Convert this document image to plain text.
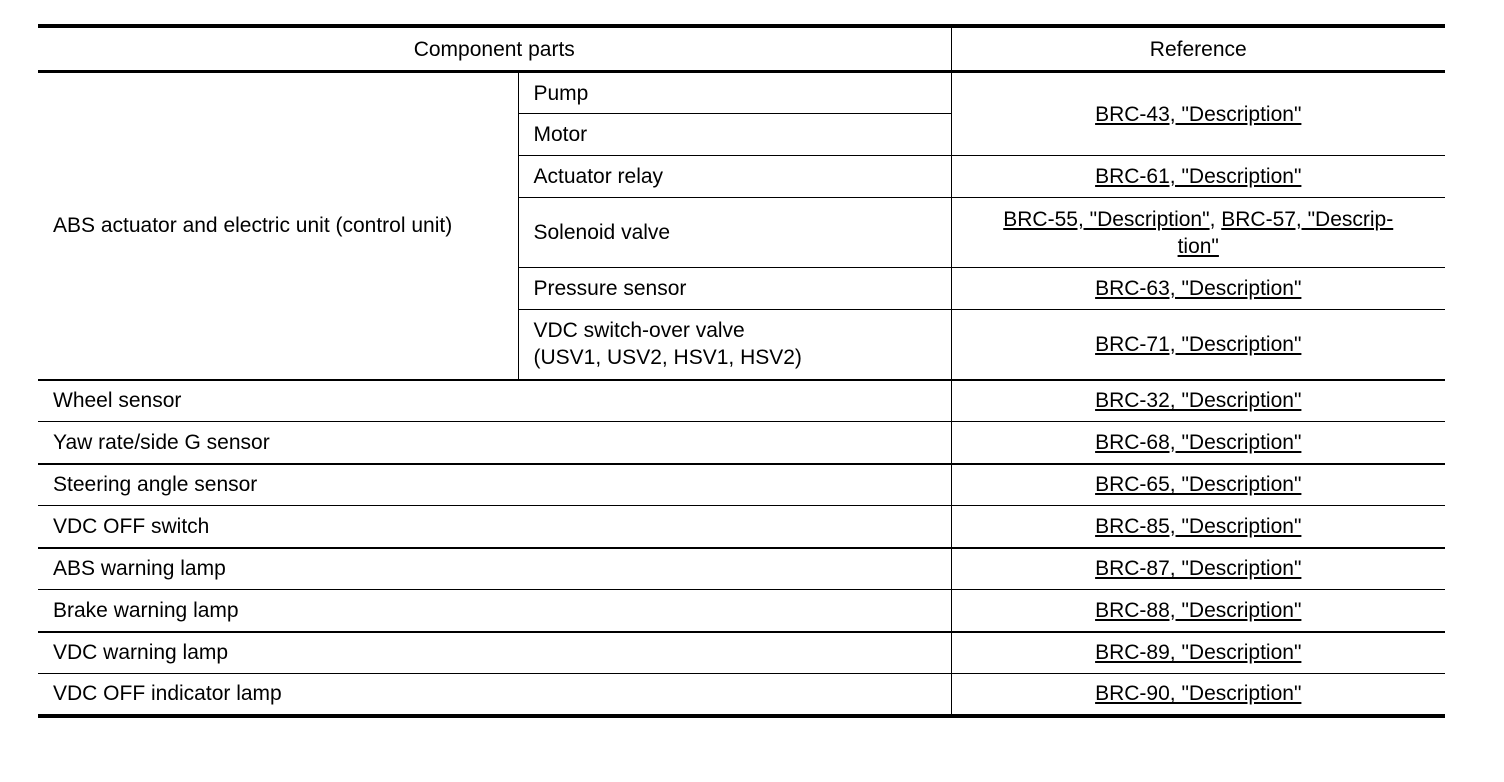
Component parts		Reference
ABS actuator and electric unit (control unit)	Pump	BRC-43, "Description"
	Motor	
	Actuator relay	BRC-61, "Description"
	Solenoid valve	BRC-55, "Description", BRC-57, "Descrip-
tion"
	Pressure sensor	BRC-63, "Description"
	VDC switch-over valve
(USV1, USV2, HSV1, HSV2)	BRC-71, "Description"
Wheel sensor		BRC-32, "Description"
Yaw rate/side G sensor		BRC-68, "Description"
Steering angle sensor		BRC-65, "Description"
VDC OFF switch		BRC-85, "Description"
ABS warning lamp		BRC-87, "Description"
Brake warning lamp		BRC-88, "Description"
VDC warning lamp		BRC-89, "Description"
VDC OFF indicator lamp		BRC-90, "Description"
